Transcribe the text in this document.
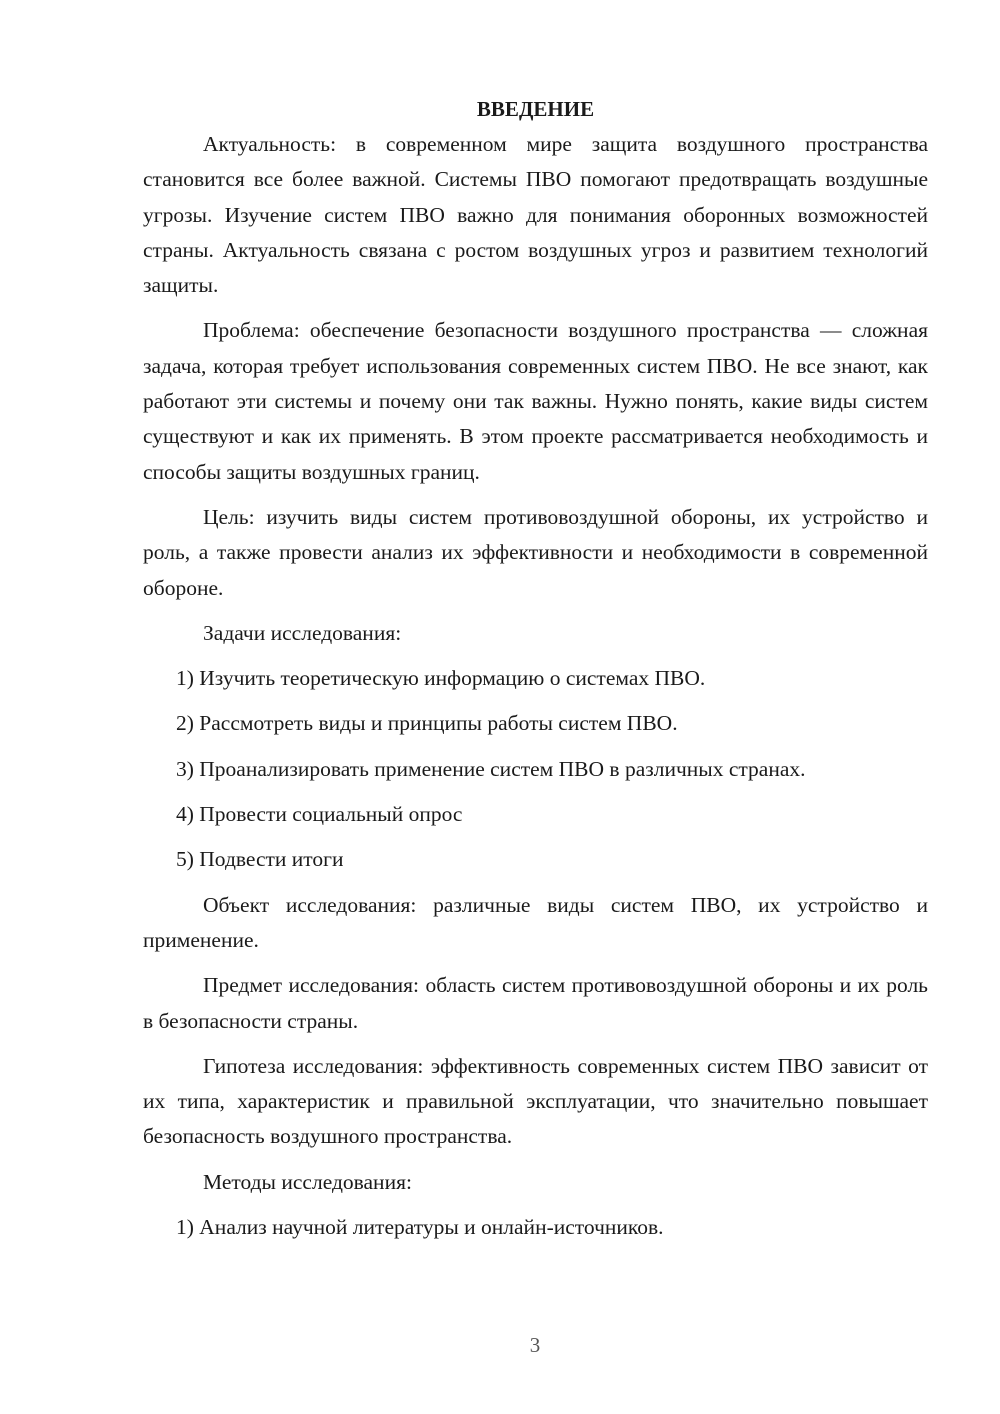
ВВЕДЕНИЕ

Актуальность: в современном мире защита воздушного пространства становится все более важной. Системы ПВО помогают предотвращать воздушные угрозы. Изучение систем ПВО важно для понимания оборонных возможностей страны. Актуальность связана с ростом воздушных угроз и развитием технологий защиты.

Проблема: обеспечение безопасности воздушного пространства — сложная задача, которая требует использования современных систем ПВО. Не все знают, как работают эти системы и почему они так важны. Нужно понять, какие виды систем существуют и как их применять. В этом проекте рассматривается необходимость и способы защиты воздушных границ.

Цель: изучить виды систем противовоздушной обороны, их устройство и роль, а также провести анализ их эффективности и необходимости в современной обороне.

Задачи исследования:

1) Изучить теоретическую информацию о системах ПВО.
2) Рассмотреть виды и принципы работы систем ПВО.
3) Проанализировать применение систем ПВО в различных странах.
4) Провести социальный опрос
5) Подвести итоги

Объект исследования: различные виды систем ПВО, их устройство и применение.

Предмет исследования: область систем противовоздушной обороны и их роль в безопасности страны.

Гипотеза исследования: эффективность современных систем ПВО зависит от их типа, характеристик и правильной эксплуатации, что значительно повышает безопасность воздушного пространства.

Методы исследования:

1) Анализ научной литературы и онлайн-источников.
3
